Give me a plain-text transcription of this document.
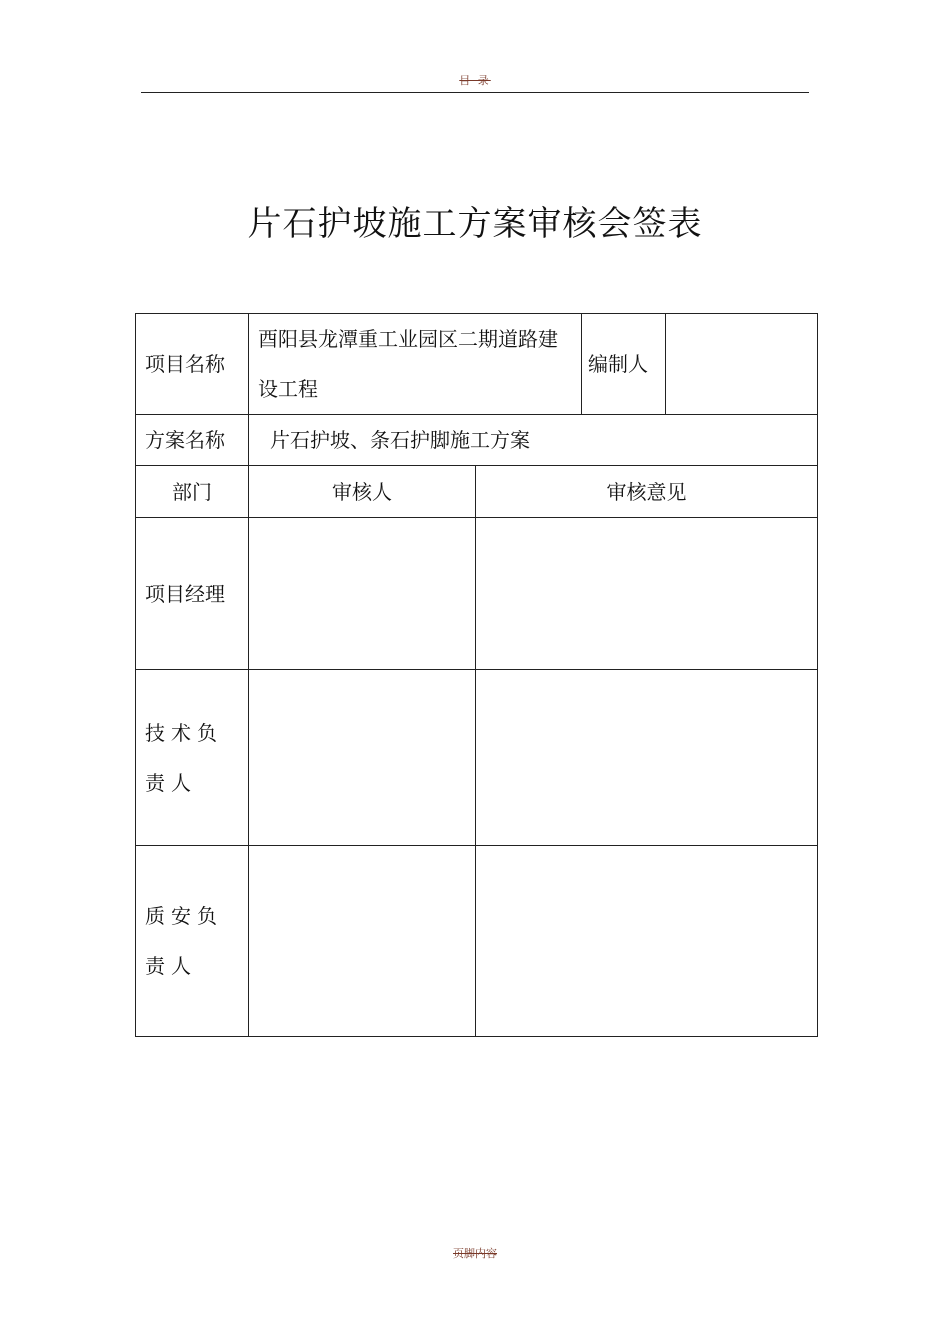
目 录
片石护坡施工方案审核会签表
项目名称	酉阳县龙潭重工业园区二期道路建设工程		编制人	
方案名称	片石护坡、条石护脚施工方案			
部门	审核人	审核意见		
项目经理				
技术负责人				
质安负责人				
页脚内容
